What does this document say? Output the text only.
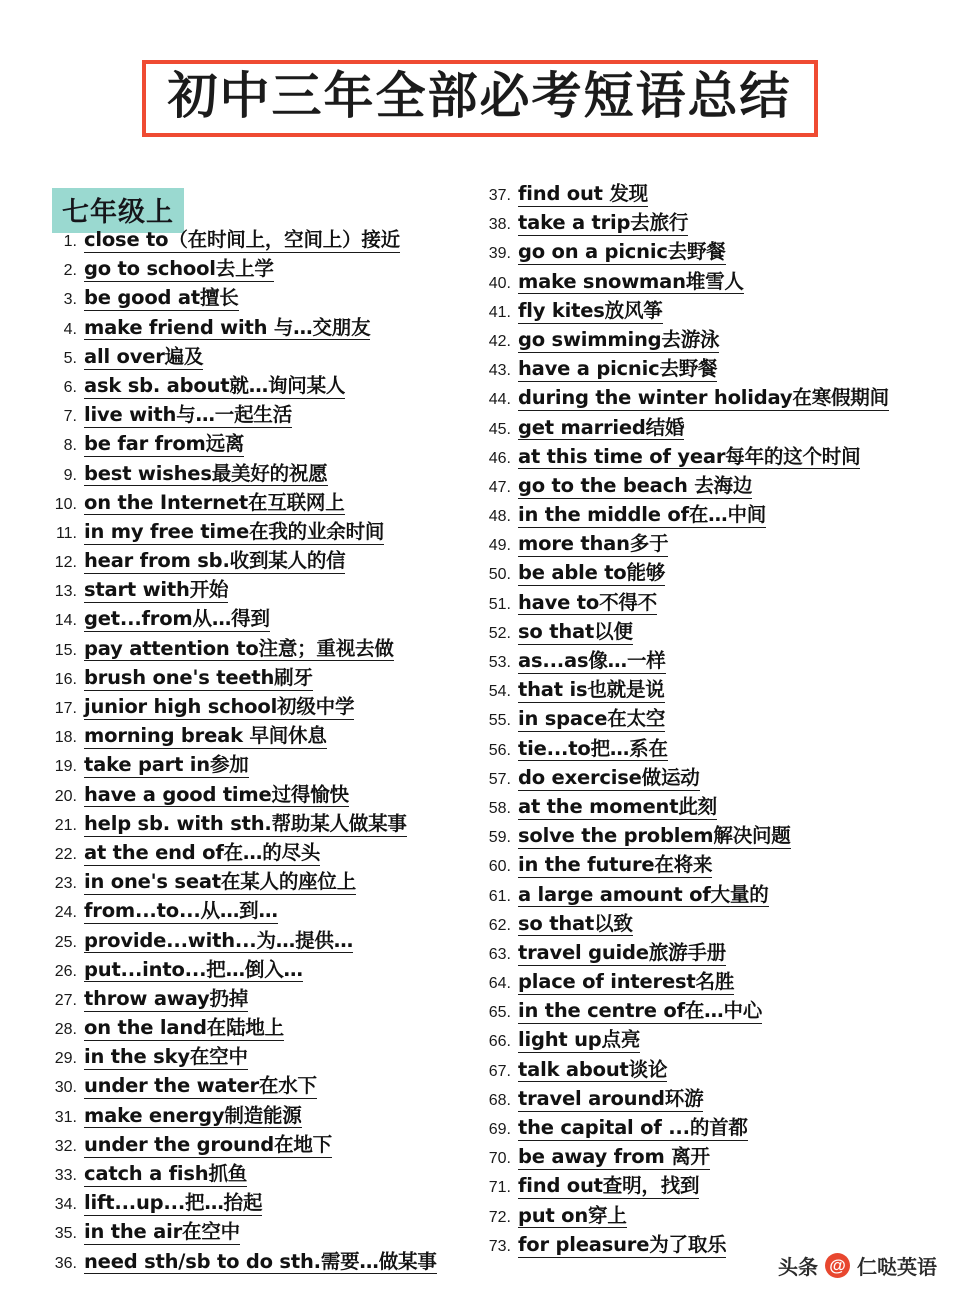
初中三年全部必考短语总结
七年级上
1. close to（在时间上，空间上）接近
2. go to school去上学
3. be good at擅长
4. make friend with 与…交朋友
5. all over遍及
6. ask sb. about就…询问某人
7. live with与…一起生活
8. be far from远离
9. best wishes最美好的祝愿
10. on the Internet在互联网上
11. in my free time在我的业余时间
12. hear from sb.收到某人的信
13. start with开始
14. get...from从…得到
15. pay attention to注意；重视去做
16. brush one's teeth刷牙
17. junior high school初级中学
18. morning break 早间休息
19. take part in参加
20. have a good time过得愉快
21. help sb. with sth.帮助某人做某事
22. at the end of在…的尽头
23. in one's seat在某人的座位上
24. from...to...从…到…
25. provide...with...为…提供…
26. put...into...把…倒入…
27. throw away扔掉
28. on the land在陆地上
29. in the sky在空中
30. under the water在水下
31. make energy制造能源
32. under the ground在地下
33. catch a fish抓鱼
34. lift...up...把…抬起
35. in the air在空中
36. need sth/sb to do sth.需要…做某事
37. find out 发现
38. take a trip去旅行
39. go on a picnic去野餐
40. make snowman堆雪人
41. fly kites放风筝
42. go swimming去游泳
43. have a picnic去野餐
44. during the winter holiday在寒假期间
45. get married结婚
46. at this time of year每年的这个时间
47. go to the beach 去海边
48. in the middle of在…中间
49. more than多于
50. be able to能够
51. have to不得不
52. so that以便
53. as...as像…一样
54. that is也就是说
55. in space在太空
56. tie...to把…系在
57. do exercise做运动
58. at the moment此刻
59. solve the problem解决问题
60. in the future在将来
61. a large amount of大量的
62. so that以致
63. travel guide旅游手册
64. place of interest名胜
65. in the centre of在…中心
66. light up点亮
67. talk about谈论
68. travel around环游
69. the capital of ...的首都
70. be away from 离开
71. find out查明，找到
72. put on穿上
73. for pleasure为了取乐
头条 @ 仁哒英语
